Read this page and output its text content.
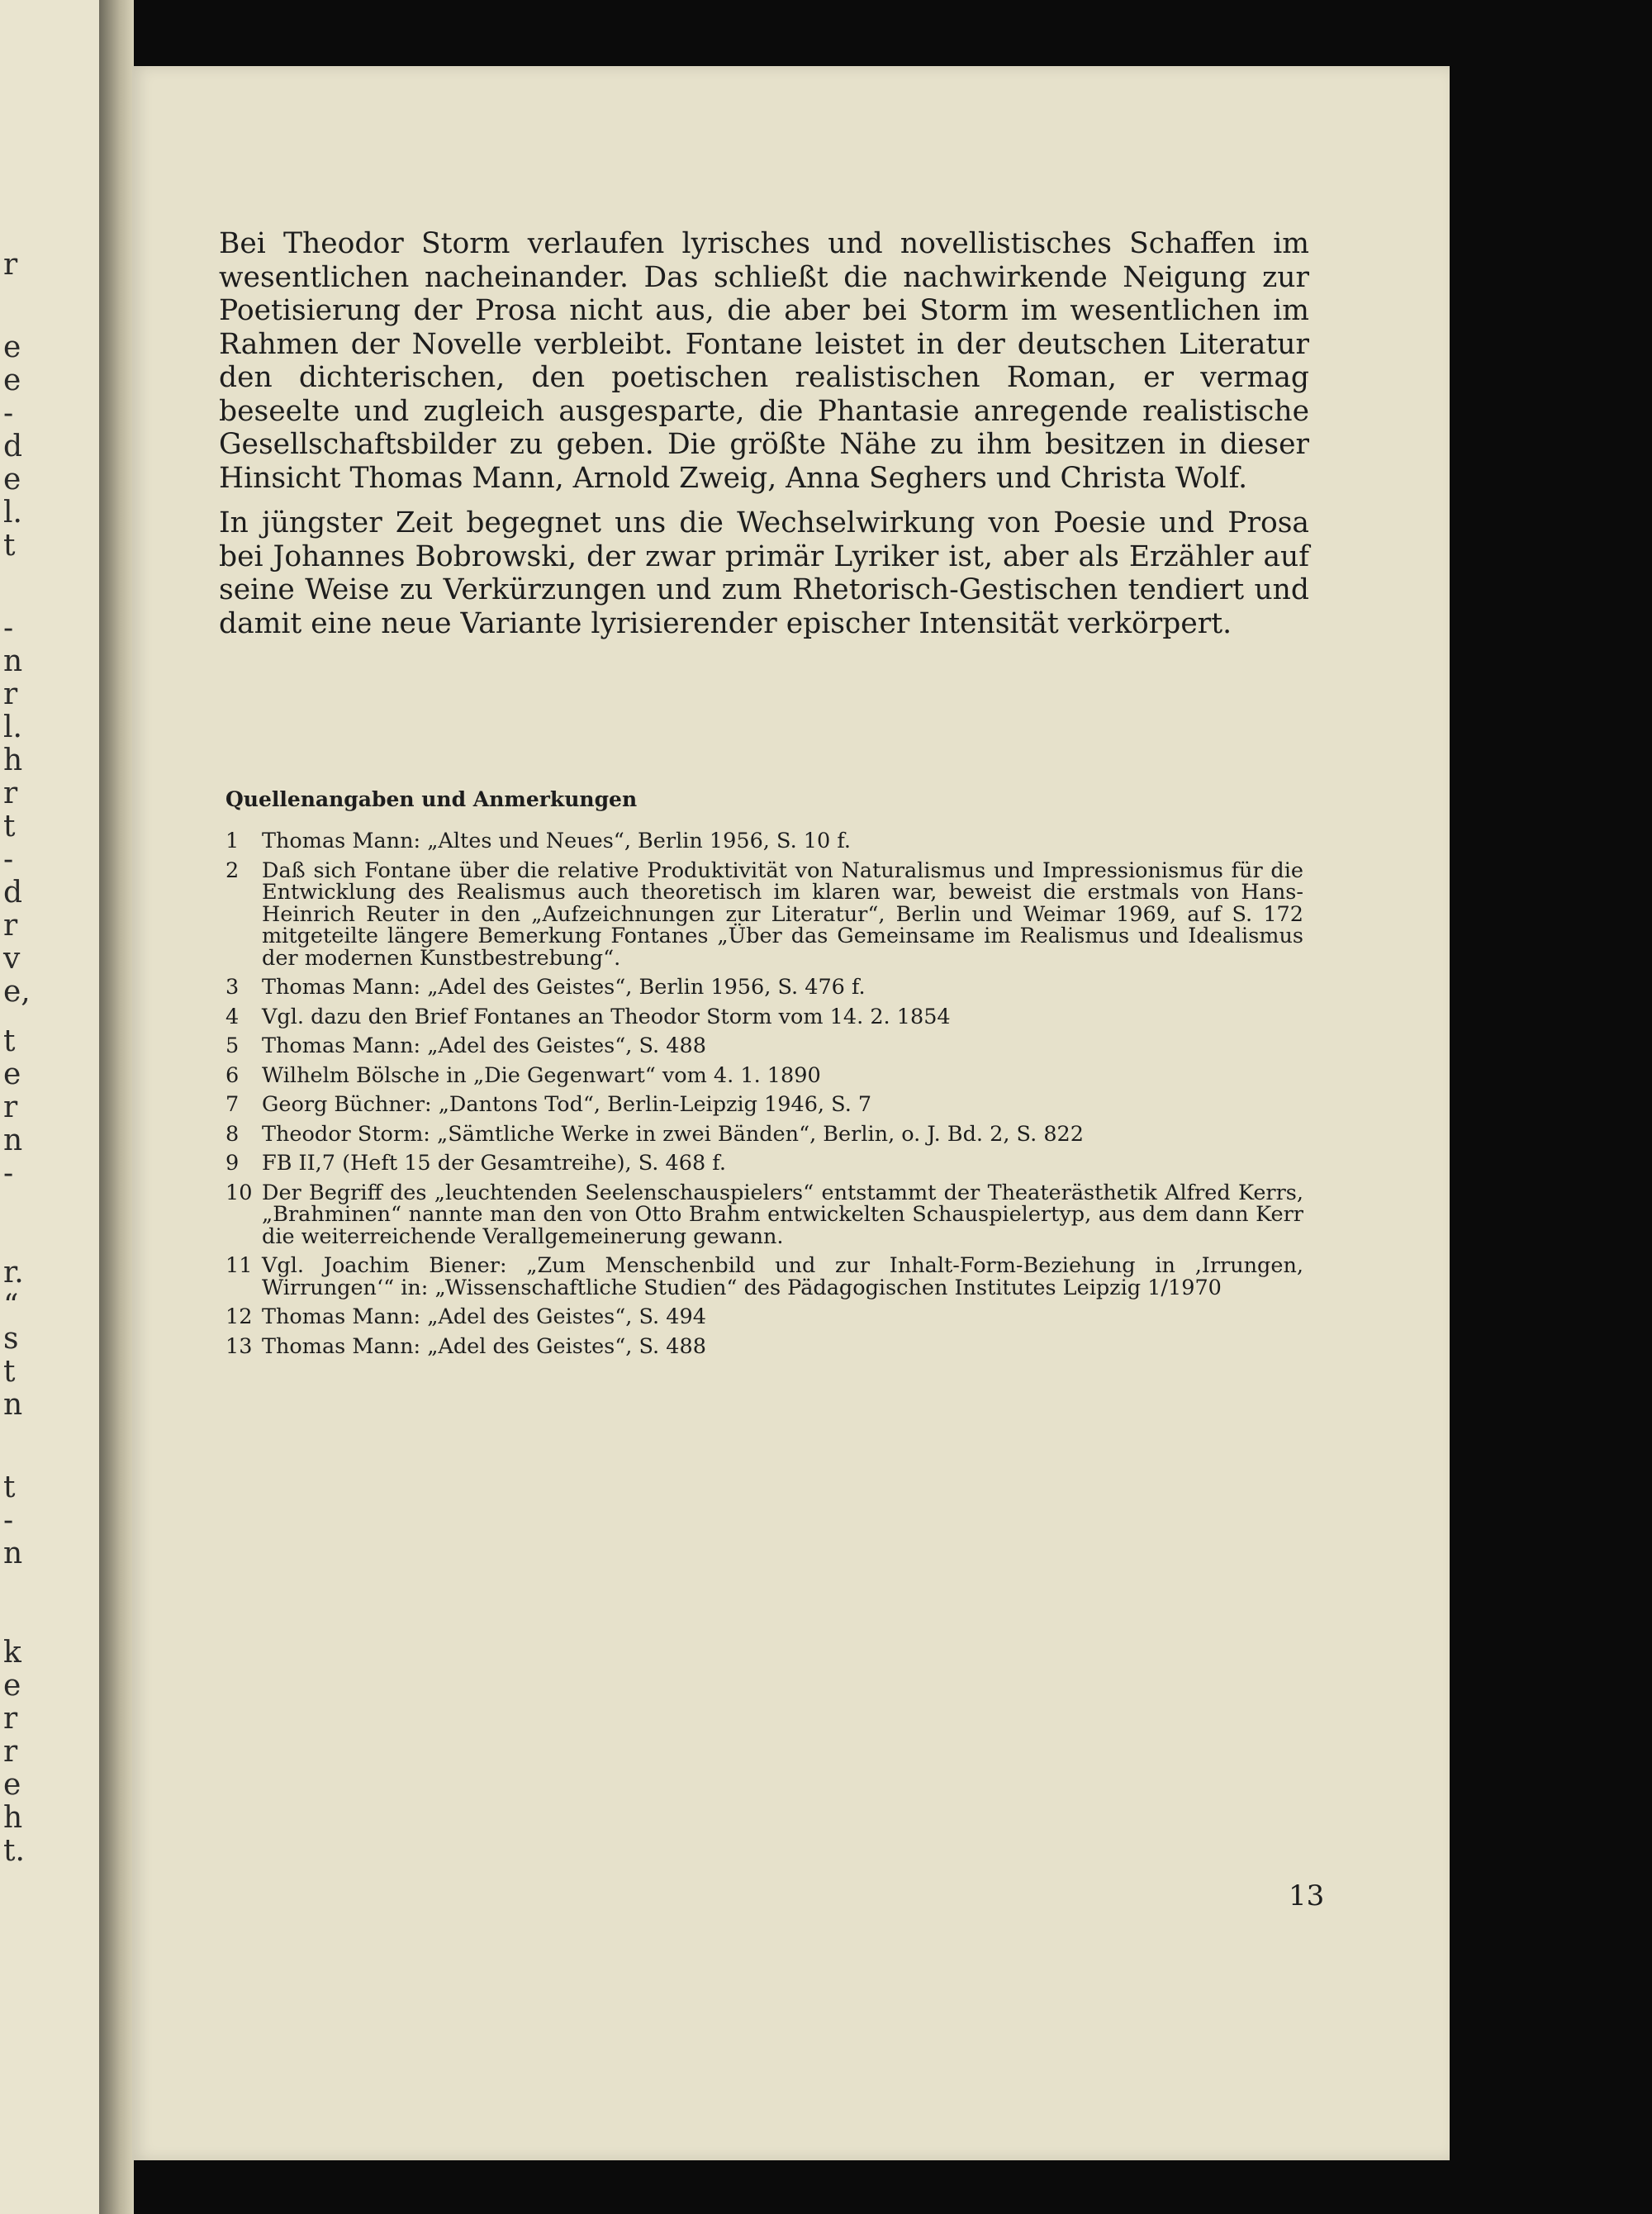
r
e
e
-
d
e
l.
t
-
n
r
l.
h
r
t
-
d
r
v
e,
t
e
r
n
-
r.
“
s
t
n
t
-
n
k
e
r
r
e
h
t.

Bei Theodor Storm verlaufen lyrisches und novellistisches Schaffen im wesentlichen nacheinander. Das schließt die nachwirkende Neigung zur Poetisierung der Prosa nicht aus, die aber bei Storm im wesentlichen im Rahmen der Novelle verbleibt. Fontane leistet in der deutschen Literatur den dichterischen, den poetischen realistischen Roman, er vermag beseelte und zugleich ausgesparte, die Phantasie anregende realistische Gesellschaftsbilder zu geben. Die größte Nähe zu ihm besitzen in dieser Hinsicht Thomas Mann, Arnold Zweig, Anna Seghers und Christa Wolf.

In jüngster Zeit begegnet uns die Wechselwirkung von Poesie und Prosa bei Johannes Bobrowski, der zwar primär Lyriker ist, aber als Erzähler auf seine Weise zu Verkürzungen und zum Rhetorisch-Gestischen tendiert und damit eine neue Variante lyrisierender epischer Intensität verkörpert.

Quellenangaben und Anmerkungen
1	Thomas Mann: „Altes und Neues“, Berlin 1956, S. 10 f.
2	Daß sich Fontane über die relative Produktivität von Naturalismus und Impressionismus für die Entwicklung des Realismus auch theoretisch im klaren war, beweist die erstmals von Hans-Heinrich Reuter in den „Aufzeichnungen zur Literatur“, Berlin und Weimar 1969, auf S. 172 mitgeteilte längere Bemerkung Fontanes „Über das Gemeinsame im Realismus und Idealismus der modernen Kunstbestrebung“.
3	Thomas Mann: „Adel des Geistes“, Berlin 1956, S. 476 f.
4	Vgl. dazu den Brief Fontanes an Theodor Storm vom 14. 2. 1854
5	Thomas Mann: „Adel des Geistes“, S. 488
6	Wilhelm Bölsche in „Die Gegenwart“ vom 4. 1. 1890
7	Georg Büchner: „Dantons Tod“, Berlin-Leipzig 1946, S. 7
8	Theodor Storm: „Sämtliche Werke in zwei Bänden“, Berlin, o. J. Bd. 2, S. 822
9	FB II,7 (Heft 15 der Gesamtreihe), S. 468 f.
10 Der Begriff des „leuchtenden Seelenschauspielers“ entstammt der Theaterästhetik Alfred Kerrs, „Brahminen“ nannte man den von Otto Brahm entwickelten Schauspielertyp, aus dem dann Kerr die weiterreichende Verallgemeinerung gewann.
11 Vgl. Joachim Biener: „Zum Menschenbild und zur Inhalt-Form-Beziehung in ‚Irrungen, Wirrungen‘“ in: „Wissenschaftliche Studien“ des Pädagogischen Institutes Leipzig 1/1970
12 Thomas Mann: „Adel des Geistes“, S. 494
13 Thomas Mann: „Adel des Geistes“, S. 488
13
